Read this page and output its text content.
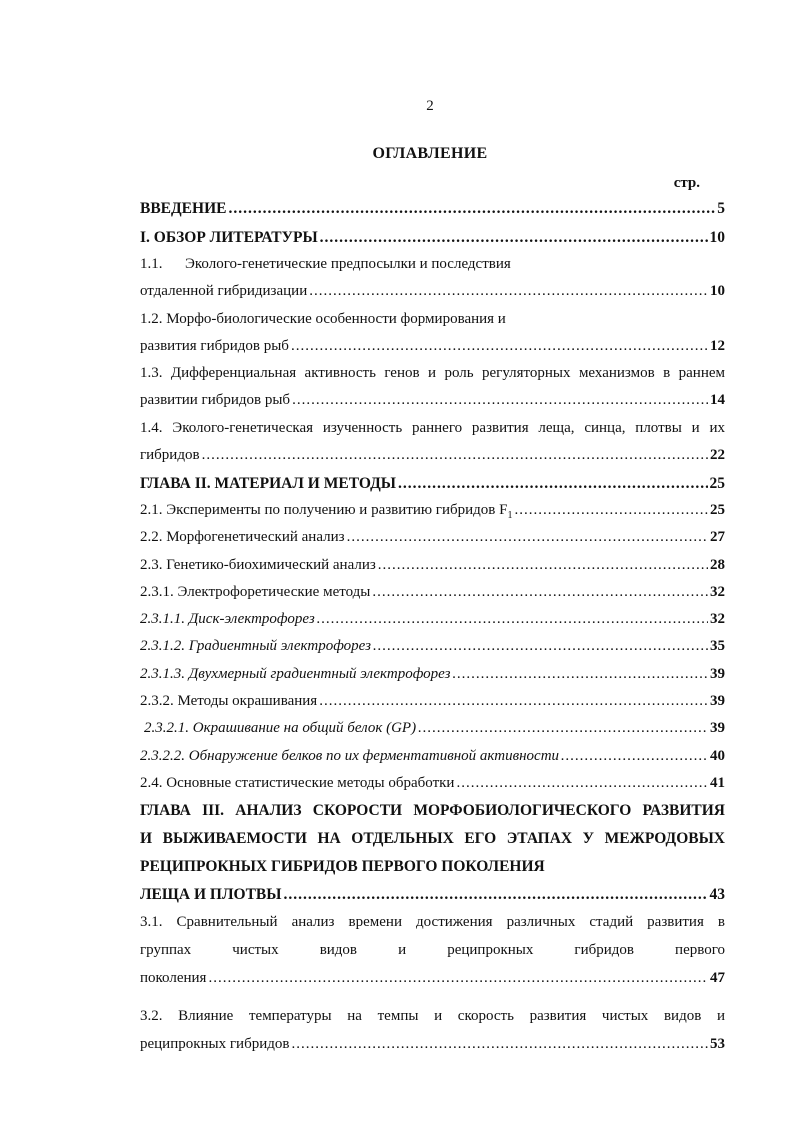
2
ОГЛАВЛЕНИЕ
стр.
ВВЕДЕНИЕ .....	5
I. ОБЗОР ЛИТЕРАТУРЫ .....	10
1.1.      Эколого-генетические предпосылки и последствия
отдаленной гибридизации .....	10
1.2. Морфо-биологические особенности формирования и
развития гибридов рыб .....	12
1.3. Дифференциальная активность генов и роль регуляторных механизмов в раннем
развитии гибридов рыб .....	14
1.4. Эколого-генетическая изученность раннего развития леща, синца, плотвы и их
гибридов .....	22
ГЛАВА II. МАТЕРИАЛ И МЕТОДЫ .....	25
2.1. Эксперименты по получению и развитию гибридов $F_1$ .....	25
2.2. Морфогенетический анализ .....	27
2.3. Генетико-биохимический анализ .....	28
2.3.1. Электрофоретические методы .....	32
2.3.1.1. Диск-электрофорез .....	32
2.3.1.2. Градиентный электрофорез .....	35
2.3.1.3. Двухмерный градиентный электрофорез .....	39
2.3.2. Методы окрашивания .....	39
2.3.2.1. Окрашивание на общий белок (GP) .....	39
2.3.2.2. Обнаружение белков по их ферментативной активности .....	40
2.4. Основные статистические методы обработки .....	41
ГЛАВА III. АНАЛИЗ СКОРОСТИ МОРФОБИОЛОГИЧЕСКОГО РАЗВИТИЯ
И ВЫЖИВАЕМОСТИ НА ОТДЕЛЬНЫХ ЕГО ЭТАПАХ У МЕЖРОДОВЫХ
РЕЦИПРОКНЫХ ГИБРИДОВ ПЕРВОГО ПОКОЛЕНИЯ
ЛЕЩА И ПЛОТВЫ .....	43
3.1. Сравнительный анализ времени достижения различных стадий развития в
группах чистых видов и реципрокных гибридов первого
поколения .....	47
3.2. Влияние температуры на темпы и скорость развития чистых видов и
реципрокных гибридов .....	53
